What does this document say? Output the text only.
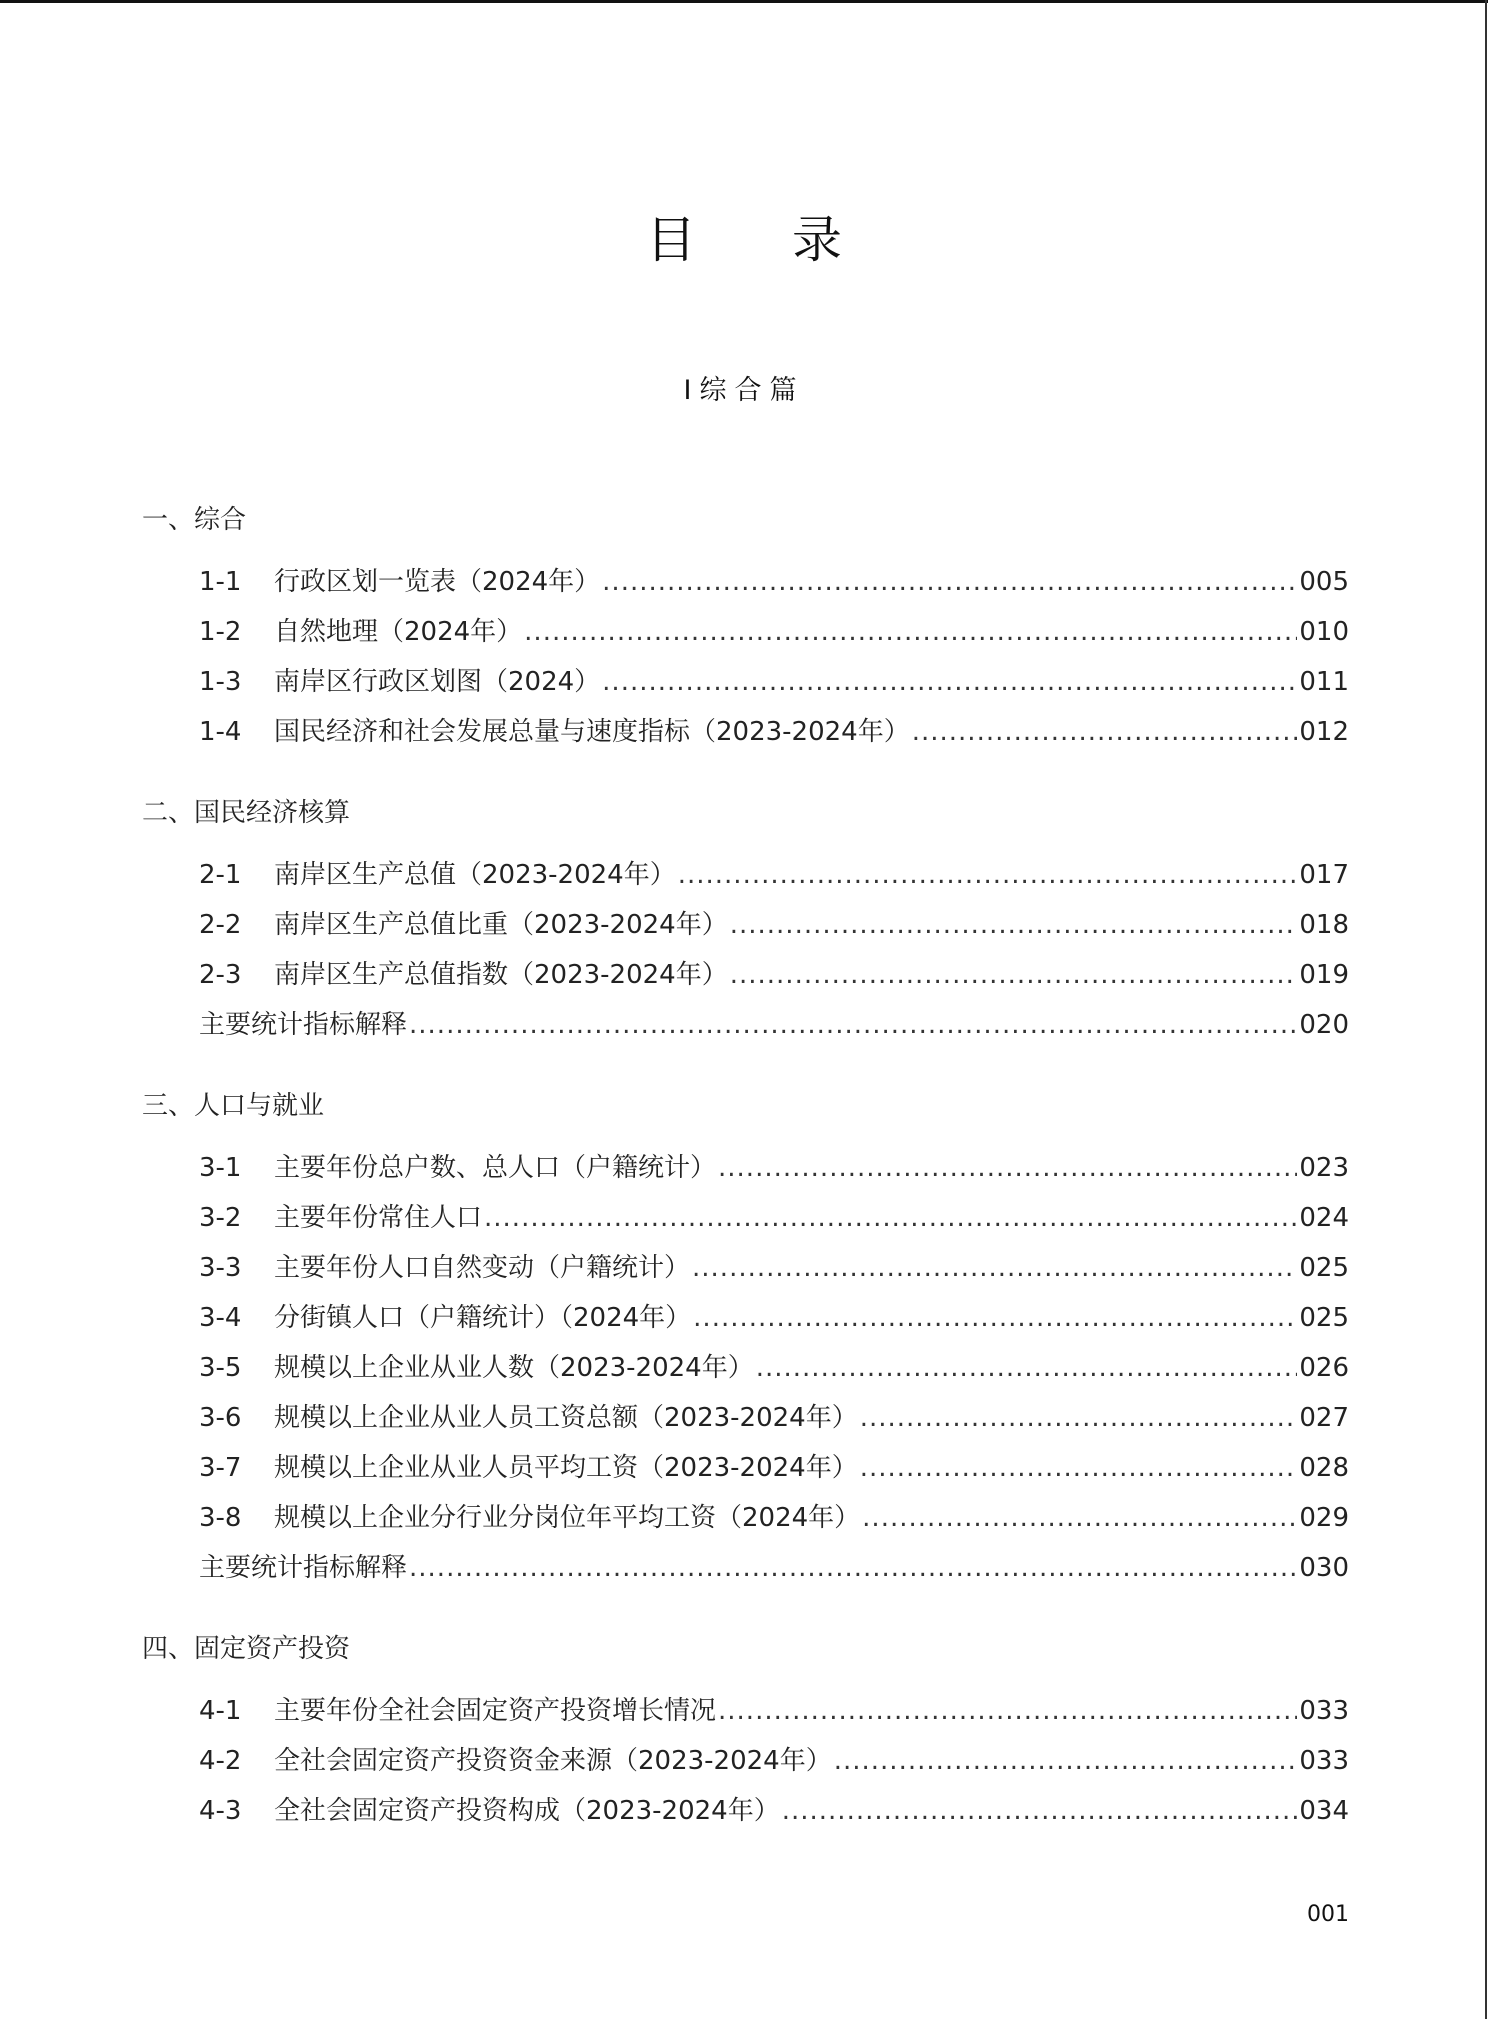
目 录
Ⅰ综合篇
一、综合
1-1	行政区划一览表（2024年） .....	005
1-2	自然地理（2024年） .....	010
1-3	南岸区行政区划图（2024） .....	011
1-4	国民经济和社会发展总量与速度指标（2023-2024年） .....	012
二、国民经济核算
2-1	南岸区生产总值（2023-2024年） .....	017
2-2	南岸区生产总值比重（2023-2024年） .....	018
2-3	南岸区生产总值指数（2023-2024年） .....	019
主要统计指标解释 .....	020
三、人口与就业
3-1	主要年份总户数、总人口（户籍统计） .....	023
3-2	主要年份常住人口 .....	024
3-3	主要年份人口自然变动（户籍统计） .....	025
3-4	分街镇人口（户籍统计）（2024年） .....	025
3-5	规模以上企业从业人数（2023-2024年） .....	026
3-6	规模以上企业从业人员工资总额（2023-2024年） .....	027
3-7	规模以上企业从业人员平均工资（2023-2024年） .....	028
3-8	规模以上企业分行业分岗位年平均工资（2024年） .....	029
主要统计指标解释 .....	030
四、固定资产投资
4-1	主要年份全社会固定资产投资增长情况 .....	033
4-2	全社会固定资产投资资金来源（2023-2024年） .....	033
4-3	全社会固定资产投资构成（2023-2024年） .....	034
001
